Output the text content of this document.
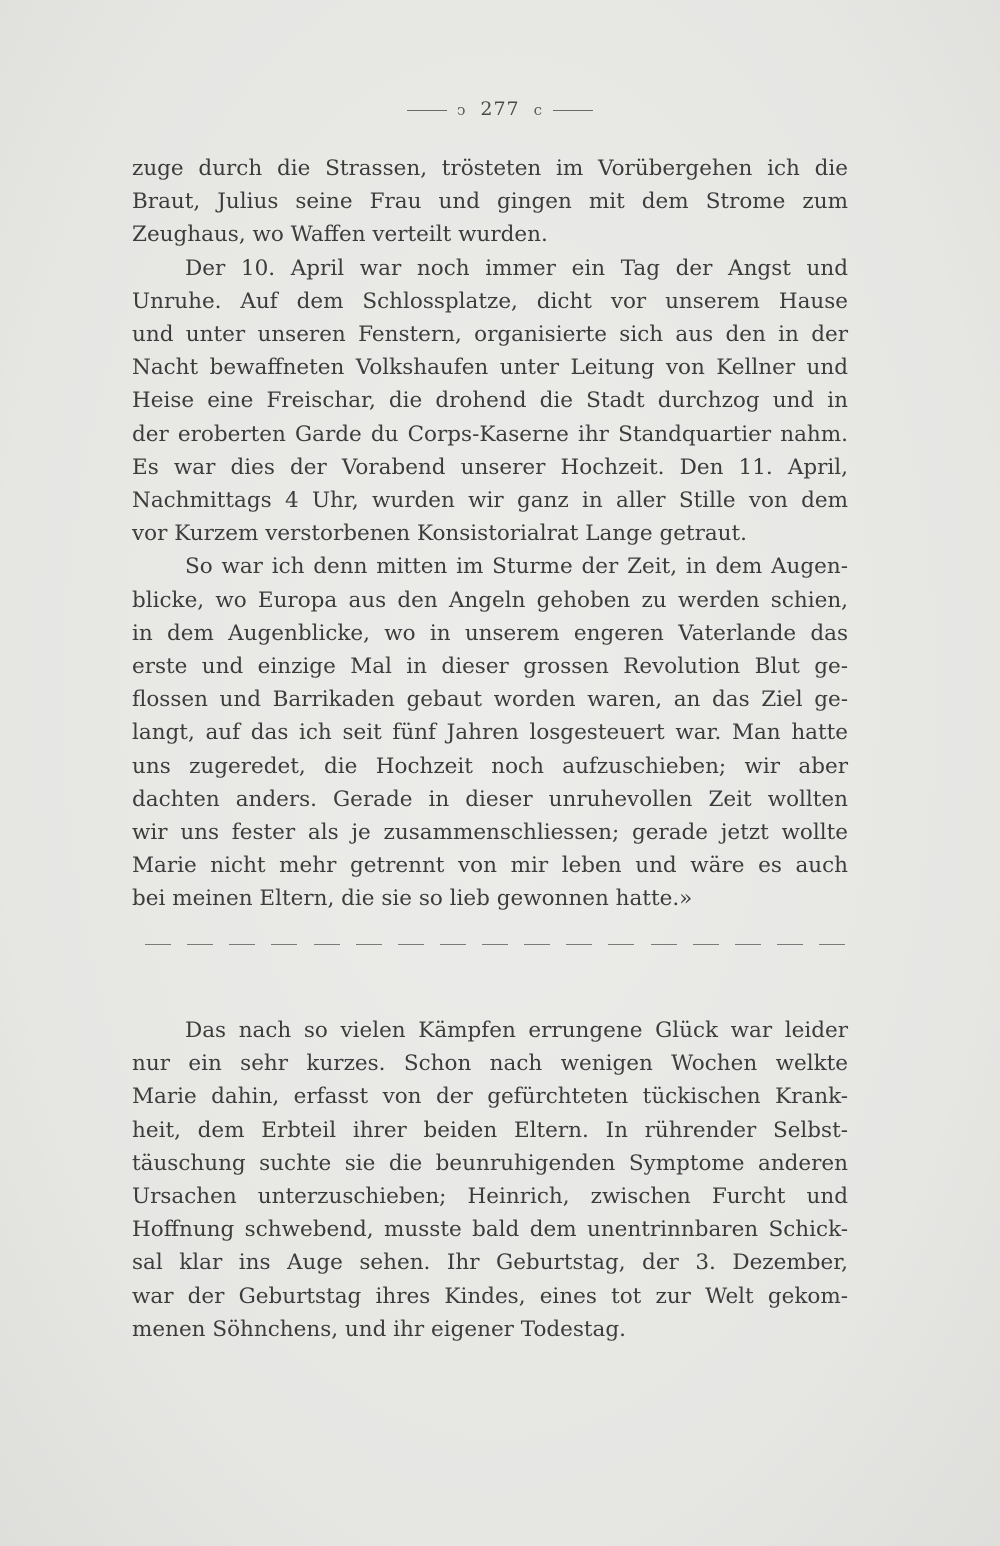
ↄ 277 c
zuge durch die Strassen, trösteten im Vorübergehen ich die
Braut, Julius seine Frau und gingen mit dem Strome zum
Zeughaus, wo Waffen verteilt wurden.
Der 10. April war noch immer ein Tag der Angst und
Unruhe. Auf dem Schlossplatze, dicht vor unserem Hause
und unter unseren Fenstern, organisierte sich aus den in der
Nacht bewaffneten Volkshaufen unter Leitung von Kellner und
Heise eine Freischar, die drohend die Stadt durchzog und in
der eroberten Garde du Corps-Kaserne ihr Standquartier nahm.
Es war dies der Vorabend unserer Hochzeit. Den 11. April,
Nachmittags 4 Uhr, wurden wir ganz in aller Stille von dem
vor Kurzem verstorbenen Konsistorialrat Lange getraut.
So war ich denn mitten im Sturme der Zeit, in dem Augen-
blicke, wo Europa aus den Angeln gehoben zu werden schien,
in dem Augenblicke, wo in unserem engeren Vaterlande das
erste und einzige Mal in dieser grossen Revolution Blut ge-
flossen und Barrikaden gebaut worden waren, an das Ziel ge-
langt, auf das ich seit fünf Jahren losgesteuert war. Man hatte
uns zugeredet, die Hochzeit noch aufzuschieben; wir aber
dachten anders. Gerade in dieser unruhevollen Zeit wollten
wir uns fester als je zusammenschliessen; gerade jetzt wollte
Marie nicht mehr getrennt von mir leben und wäre es auch
bei meinen Eltern, die sie so lieb gewonnen hatte.»
Das nach so vielen Kämpfen errungene Glück war leider
nur ein sehr kurzes. Schon nach wenigen Wochen welkte
Marie dahin, erfasst von der gefürchteten tückischen Krank-
heit, dem Erbteil ihrer beiden Eltern. In rührender Selbst-
täuschung suchte sie die beunruhigenden Symptome anderen
Ursachen unterzuschieben; Heinrich, zwischen Furcht und
Hoffnung schwebend, musste bald dem unentrinnbaren Schick-
sal klar ins Auge sehen. Ihr Geburtstag, der 3. Dezember,
war der Geburtstag ihres Kindes, eines tot zur Welt gekom-
menen Söhnchens, und ihr eigener Todestag.
